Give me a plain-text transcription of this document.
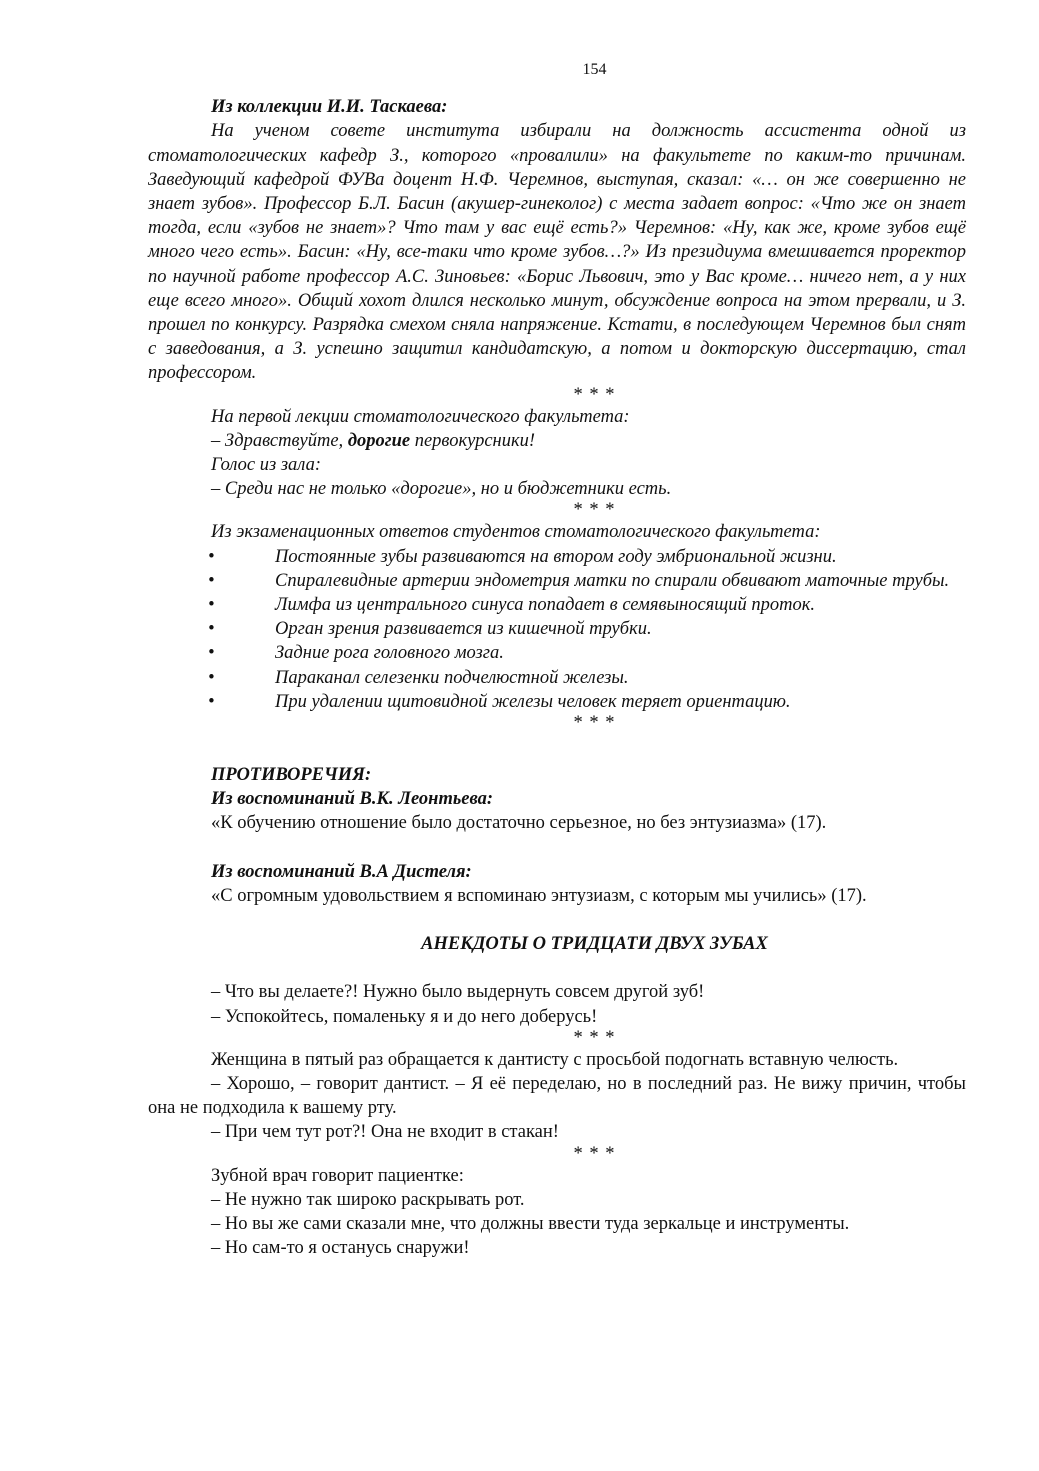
154

Из коллекции И.И. Таскаева:

На ученом совете института избирали на должность ассистента одной из стоматологических кафедр З., которого «провалили» на факультете по каким-то причинам. Заведующий кафедрой ФУВа доцент Н.Ф. Черемнов, выступая, сказал: «… он же совершенно не знает зубов». Профессор Б.Л. Басин (акушер-гинеколог) с места задает вопрос: «Что же он знает тогда, если «зубов не знает»? Что там у вас ещё есть?» Черемнов: «Ну, как же, кроме зубов ещё много чего есть». Басин: «Ну, все-таки что кроме зубов…?» Из президиума вмешивается проректор по научной работе профессор А.С. Зиновьев: «Борис Львович, это у Вас кроме… ничего нет, а у них еще всего много». Общий хохот длился несколько минут, обсуждение вопроса на этом прервали, и З. прошел по конкурсу. Разрядка смехом сняла напряжение. Кстати, в последующем Черемнов был снят с заведования, а З. успешно защитил кандидатскую, а потом и докторскую диссертацию, стал профессором.

* * *

На первой лекции стоматологического факультета:

– Здравствуйте, дорогие первокурсники!

Голос из зала:

– Среди нас не только «дорогие», но и бюджетники есть.

* * *

Из экзаменационных ответов студентов стоматологического факультета:

•	Постоянные зубы развиваются на втором году эмбриональной жизни.

•	Спиралевидные артерии эндометрия матки по спирали обвивают маточные трубы.

•	Лимфа из центрального синуса попадает в семявыносящий проток.

•	Орган зрения развивается из кишечной трубки.

•	Задние рога головного мозга.

•	Параканал селезенки подчелюстной железы.

•	При удалении щитовидной железы человек теряет ориентацию.

* * *

ПРОТИВОРЕЧИЯ:

Из воспоминаний В.К. Леонтьева:

«К обучению отношение было достаточно серьезное, но без энтузиазма» (17).

Из воспоминаний В.А Дистеля:

«С огромным удовольствием я вспоминаю энтузиазм, с которым мы учились» (17).

АНЕКДОТЫ О ТРИДЦАТИ ДВУХ ЗУБАХ

– Что вы делаете?! Нужно было выдернуть совсем другой зуб!

– Успокойтесь, помаленьку я и до него доберусь!

* * *

Женщина в пятый раз обращается к дантисту с просьбой подогнать вставную челюсть.

– Хорошо, – говорит дантист. – Я её переделаю, но в последний раз. Не вижу причин, чтобы она не подходила к вашему рту.

– При чем тут рот?! Она не входит в стакан!

* * *

Зубной врач говорит пациентке:

– Не нужно так широко раскрывать рот.

– Но вы же сами сказали мне, что должны ввести туда зеркальце и инструменты.

– Но сам-то я останусь снаружи!
